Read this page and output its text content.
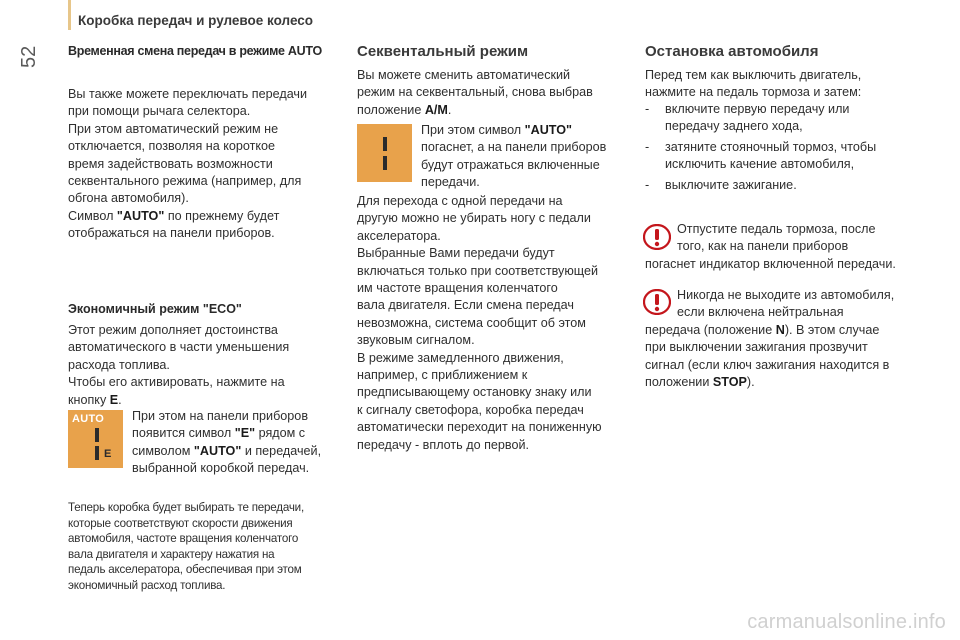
Коробка передач и рулевое колесо
52 Временная смена передач в режиме AUTO
Вы также можете переключать передачи
при помощи рычага селектора.
При этом автоматический режим не
отключается, позволяя на короткое
время задействовать возможности
секвентального режима (например, для
обгона автомобиля).
Символ "AUTO" по прежнему будет
отображаться на панели приборов.
Экономичный режим "ECO"
Этот режим дополняет достоинства
автоматического в части уменьшения
расхода топлива.
Чтобы его активировать, нажмите на
кнопку E.
AUTO
E
При этом на панели приборов
появится символ "E" рядом с
символом "AUTO" и передачей,
выбранной коробкой передач.
Теперь коробка будет выбирать те передачи,
которые соответствуют скорости движения
автомобиля, частоте вращения коленчатого
вала двигателя и характеру нажатия на
педаль акселератора, обеспечивая при этом
экономичный расход топлива.
Секвентальный режим
Вы можете сменить автоматический
режим на секвентальный, снова выбрав
положение A/M.
При этом символ "AUTO"
погаснет, а на панели приборов
будут отражаться включенные
передачи.
Для перехода с одной передачи на
другую можно не убирать ногу с педали
акселератора.
Выбранные Вами передачи будут
включаться только при соответствующей
им частоте вращения коленчатого
вала двигателя. Если смена передач
невозможна, система сообщит об этом
звуковым сигналом.
В режиме замедленного движения,
например, с приближением к
предписывающему остановку знаку или
к сигналу светофора, коробка передач
автоматически переходит на пониженную
передачу - вплоть до первой.
Остановка автомобиля
Перед тем как выключить двигатель,
нажмите на педаль тормоза и затем:
-	включите первую передачу или
передачу заднего хода,
-	затяните стояночный тормоз, чтобы
исключить качение автомобиля,
-	выключите зажигание.
Отпустите педаль тормоза, после
того, как на панели приборов
погаснет индикатор включенной передачи.
Никогда не выходите из автомобиля,
если включена нейтральная
передача (положение N). В этом случае
при выключении зажигания прозвучит
сигнал (если ключ зажигания находится в
положении STOP).
carmanualsonline.info
